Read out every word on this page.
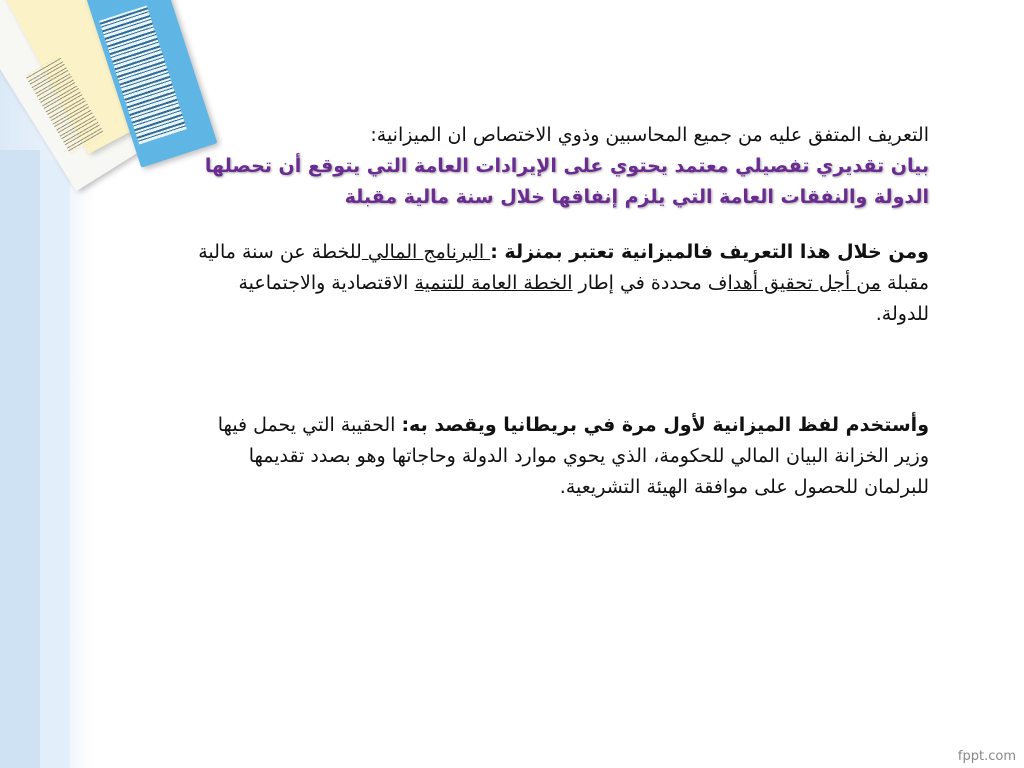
التعريف المتفق عليه من جميع المحاسبين وذوي الاختصاص ان الميزانية:

بيان تقديري تفصيلي معتمد يحتوي على الإيرادات العامة التي يتوقع أن تحصلها الدولة والنفقات العامة التي يلزم إنفاقها خلال سنة مالية مقبلة

ومن خلال هذا التعريف فالميزانية تعتبر بمنزلة : البرنامج المالي للخطة عن سنة مالية مقبلة من أجل تحقيق أهداف محددة في إطار الخطة العامة للتنمية الاقتصادية والاجتماعية للدولة.

وأستخدم لفظ الميزانية لأول مرة في بريطانيا ويقصد به: الحقيبة التي يحمل فيها وزير الخزانة البيان المالي للحكومة، الذي يحوي موارد الدولة وحاجاتها وهو بصدد تقديمها للبرلمان للحصول على موافقة الهيئة التشريعية.

fppt.com
